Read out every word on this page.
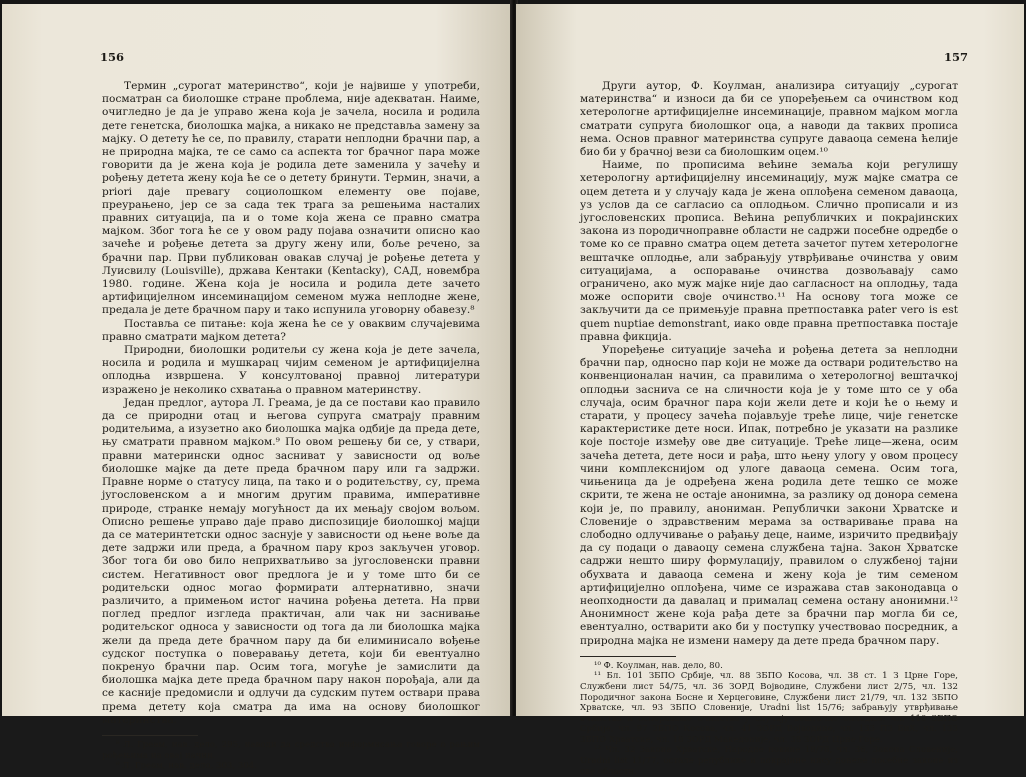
156

Термин „сурогат материнство“, који је највише у употреби, посматран са биолошке стране проблема, није адекватан. Наиме, очигледно је да је управо жена која је зачела, носила и родила дете генетска, биолошка мајка, а никако не представља замену за мајку. О детету ће се, по правилу, старати неплодни брачни пар, а не природна мајка, те се само са аспекта тог брачног пара може говорити да је жена која је родила дете заменила у зачећу и рођењу детета жену која ће се о детету бринути. Термин, значи, а priori даје превагу социолошком елементу ове појаве, преурањено, јер се за сада тек трага за решењима насталих правних ситуација, па и о томе која жена се правно сматра мајком. Због тога ће се у овом раду појава означити описно као зачеће и рођење детета за другу жену или, боље речено, за брачни пар. Први публикован овакав случај је рођење детета у Луисвилу (Louisville), држава Кентаки (Kentacky), САД, новембра 1980. године. Жена која је носила и родила дете зачето артифицијелном инсеминацијом семеном мужа неплодне жене, предала је дете брачном пару и тако испунила уговорну обавезу.⁸

Поставља се питање: која жена ће се у оваквим случајевима правно сматрати мајком детета?

Природни, биолошки родитељи су жена која је дете зачела, носила и родила и мушкарац чијим семеном је артифицијелна оплодња извршена. У консултованој правној литератури изражено је неколико схватања о правном материнству.

Један предлог, аутора Л. Греама, је да се постави као правило да се природни отац и његова супруга сматрају правним родитељима, а изузетно ако биолошка мајка одбије да преда дете, њу сматрати правном мајком.⁹ По овом решењу би се, у ствари, правни матерински однос засниват у зависности од воље биолошке мајке да дете преда брачном пару или га задржи. Правне норме о статусу лица, па тако и о родитељству, су, према југословенском а и многим другим правима, императивне природе, странке немају могућност да их мењају својом вољом. Описно решење управо даје право диспозиције биолошкој мајци да се материнтетски однос заснује у зависности од њене воље да дете задржи или преда, а брачном пару кроз закључен уговор. Због тога би ово било неприхватљиво за југословенски правни систем. Негативност овог предлога је и у томе што би се родитељски однос могао формирати алтернативно, значи различито, а примењом истог начина рођења детета. На први поглед предлог изгледа практичан, али чак ни заснивање родитељског односа у зависности од тога да ли биолошка мајка жели да преда дете брачном пару да би елиминисало вођење судског поступка о поверавању детета, који би евентуално покренуо брачни пар. Осим тога, могуће је замислити да биолошка мајка дете преда брачном пару након порођаја, али да се касније предомисли и одлучи да судским путем оствари права према детету која сматра да има на основу биолошког материнства.

⁸ Л. Греам, нав. дело, 295, наводи да средства информисања говоре о рањим рођењима на овај начин.

⁹ Л. Греам, нав. дело, 303, 304.

157

Други аутор, Ф. Коулман, анализира ситуацију „сурогат материнства“ и износи да би се упоређењем са очинством код хетерологне артифицијелне инсеминације, правном мајком могла сматрати супруга биолошког оца, а наводи да таквих прописа нема. Основ правног материнства супруге даваоца семена ћелије био би у брачној вези са биолошким оцем.¹⁰

Наиме, по прописима већине земаља који регулишу хетерологну артифицијелну инсеминацију, муж мајке сматра се оцем детета и у случају када је жена оплођена семеном даваоца, уз услов да се сагласио са оплодњом. Слично прописали и из југословенских прописа. Већина републичких и покрајинских закона из породичноправне области не садржи посебне одредбе о томе ко се правно сматра оцем детета зачетог путем хетерологне вештачке оплодње, али забрањују утврђивање очинства у овим ситуацијама, а оспоравање очинства дозвољавају само ограничено, ако муж мајке није дао сагласност на оплодњу, тада може оспорити своје очинство.¹¹ На основу тога може се закључити да се примењује правна претпоставка pater vero is est quem nuptiae demonstrant, иако овде правна претпоставка постаје правна фикција.

Упоређење ситуације зачећа и рођења детета за неплодни брачни пар, односно пар који не може да оствари родитељство на конвенционалан начин, са правилима о хетерологној вештачкој оплодњи засниva се на сличности која је у томе што се у оба случаја, осим брачног пара који жели дете и који ће о њему и старати, у процесу зачећа појављује треће лице, чије генетске карактеристике дете носи. Ипак, потребно је указати на разлике које постоје између ове две ситуације. Треће лице—жена, осим зачећа детета, дете носи и рађа, што њену улогу у овом процесу чини комплекснијом од улоге даваоца семена. Осим тога, чињеница да је одређена жена родила дете тешко се може скрити, те жена не остаје анонимна, за разлику од донора семена који је, по правилу, анониман. Републички закони Хрватске и Словеније о здравственим мерама за остваривање права на слободно одлучивање о рађању деце, наиме, изричито предвиђају да су подаци о даваоцу семена службена тајна. Закон Хрватске садржи нешто ширу формулацију, правилом о службеној тајни обухвата и даваоца семена и жену која је тим семеном артифицијелно оплођена, чиме се изражава став законодавца о неопходности да давалац и прималац семена остану анонимни.¹² Анонимност жене која рађа дете за брачни пар могла би се, евентуално, остварити ако би у поступку учествовао посредник, а природна мајка не измени намеру да дете преда брачном пару.

¹⁰ Ф. Коулман, нав. дело, 80.

¹¹ Бл. 101 ЗБПО Србије, чл. 88 ЗБПО Косова, чл. 38 ст. 1 З Црне Горе, Службени лист 54/75, чл. 36 ЗОРД Војводине, Службени лист 2/75, чл. 132 Породичног закона Босне и Херцеговине, Службени лист 21/79, чл. 132 ЗБПО Хрватске, чл. 93 ЗБПО Словеније, Uradni list 15/76; забрањују утврђивање очинства и оспоравање очинства у случају вештачке оплодње: чл. 110 ЗБПО Србије, чл. 97 ЗБПО Косова, чл. 41 ЗОРД Војводине, чл. 133 ПЗ БиХ, чл. 133 ЗБПО Хрватске, чл. 18 ЗОРД Македоније, чл. 38 ЗОРД Црне Горе.

¹² Чл. 32 Закона Хрватске, Народне новине 18/78, чл. 36, Закона Словеније, Uradni list 11/77, остале републике и покрајине нису донеле посебне законе из ове области.
